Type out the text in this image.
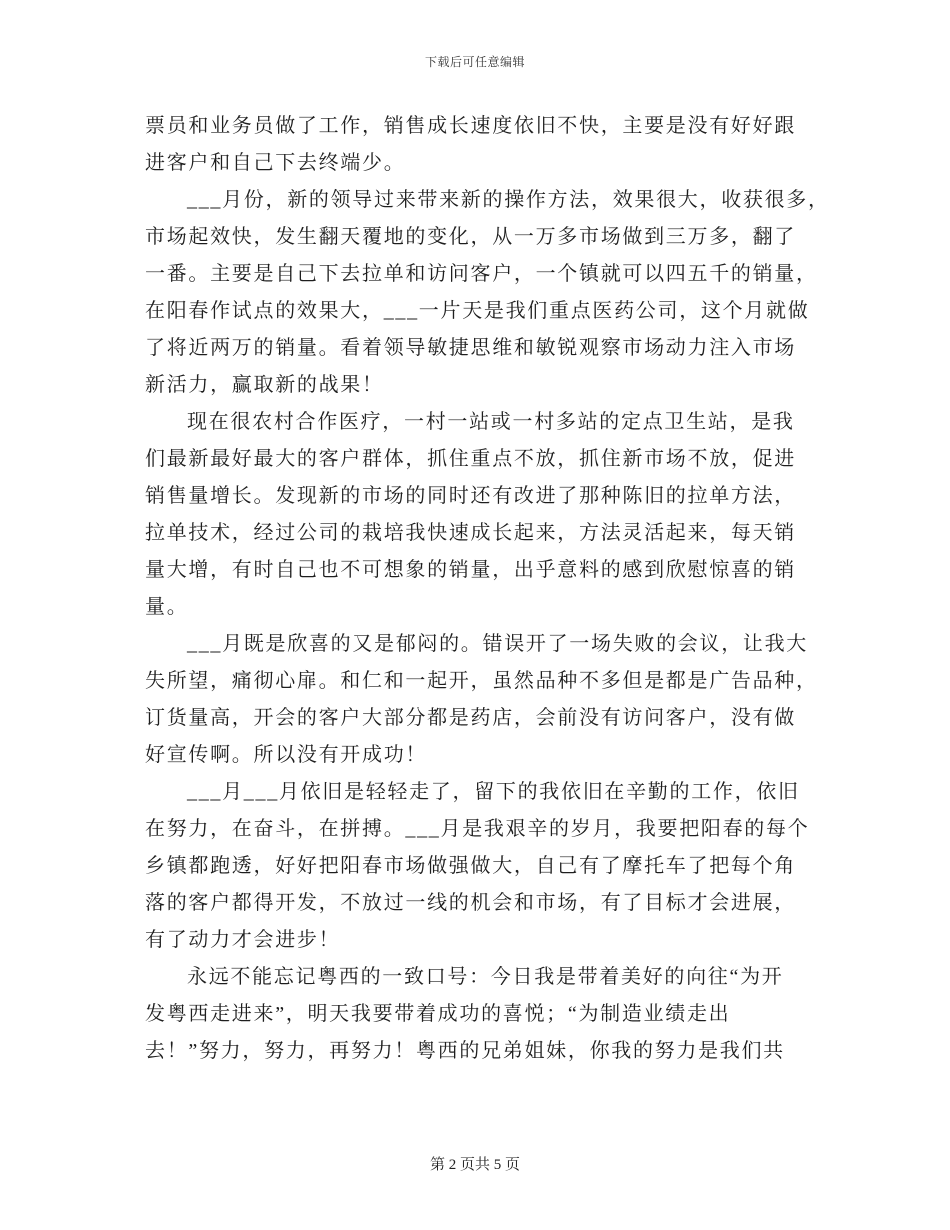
下载后可任意编辑
票员和业务员做了工作，销售成长速度依旧不快，主要是没有好好跟
进客户和自己下去终端少。
___月份，新的领导过来带来新的操作方法，效果很大，收获很多，
市场起效快，发生翻天覆地的变化，从一万多市场做到三万多，翻了
一番。主要是自己下去拉单和访问客户，一个镇就可以四五千的销量，
在阳春作试点的效果大，___一片天是我们重点医药公司，这个月就做
了将近两万的销量。看着领导敏捷思维和敏锐观察市场动力注入市场
新活力，赢取新的战果！
现在很农村合作医疗，一村一站或一村多站的定点卫生站，是我
们最新最好最大的客户群体，抓住重点不放，抓住新市场不放，促进
销售量增长。发现新的市场的同时还有改进了那种陈旧的拉单方法，
拉单技术，经过公司的栽培我快速成长起来，方法灵活起来，每天销
量大增，有时自己也不可想象的销量，出乎意料的感到欣慰惊喜的销
量。
___月既是欣喜的又是郁闷的。错误开了一场失败的会议，让我大
失所望，痛彻心扉。和仁和一起开，虽然品种不多但是都是广告品种，
订货量高，开会的客户大部分都是药店，会前没有访问客户，没有做
好宣传啊。所以没有开成功！
___月___月依旧是轻轻走了，留下的我依旧在辛勤的工作，依旧
在努力，在奋斗，在拼搏。___月是我艰辛的岁月，我要把阳春的每个
乡镇都跑透，好好把阳春市场做强做大，自己有了摩托车了把每个角
落的客户都得开发，不放过一线的机会和市场，有了目标才会进展，
有了动力才会进步！
永远不能忘记粤西的一致口号：今日我是带着美好的向往“为开
发粤西走进来”，明天我要带着成功的喜悦；“为制造业绩走出
去！”努力，努力，再努力！粤西的兄弟姐妹，你我的努力是我们共
第 2 页共 5 页
